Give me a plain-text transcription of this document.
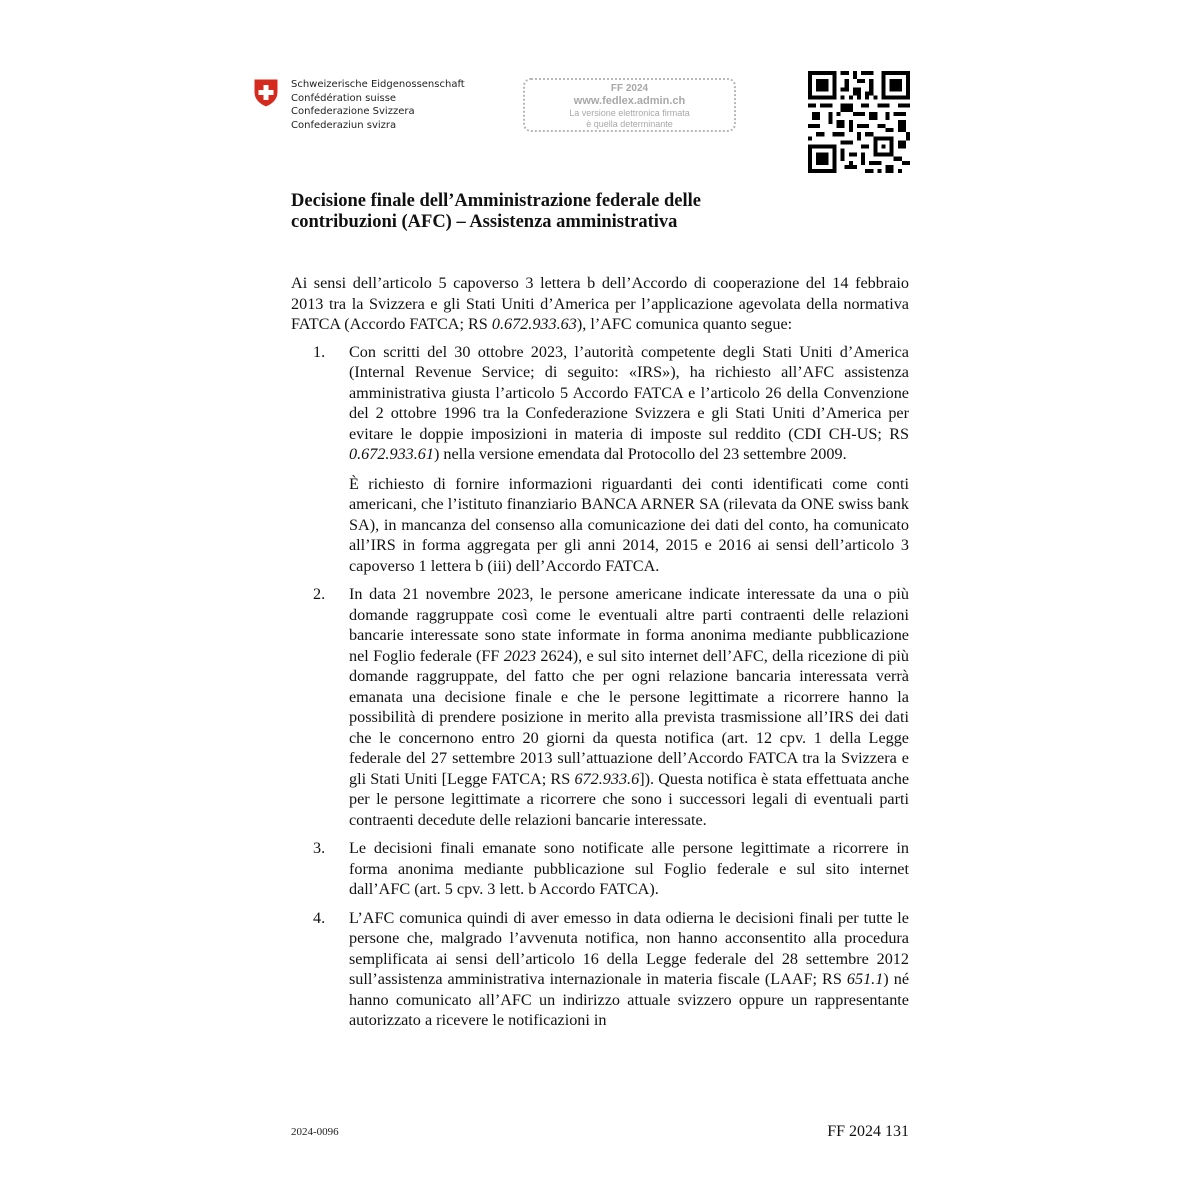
Schweizerische Eidgenossenschaft
Confédération suisse
Confederazione Svizzera
Confederaziun svizra
FF 2024
www.fedlex.admin.ch
La versione elettronica firmata
è quella determinante
Decisione finale dell’Amministrazione federale delle
contribuzioni (AFC) – Assistenza amministrativa

Ai sensi dell’articolo 5 capoverso 3 lettera b dell’Accordo di cooperazione del 14 febbraio 2013 tra la Svizzera e gli Stati Uniti d’America per l’applicazione agevolata della normativa FATCA (Accordo FATCA; RS 0.672.933.63), l’AFC comunica quanto segue:

1. Con scritti del 30 ottobre 2023, l’autorità competente degli Stati Uniti d’America (Internal Revenue Service; di seguito: «IRS»), ha richiesto all’AFC assistenza amministrativa giusta l’articolo 5 Accordo FATCA e l’articolo 26 della Convenzione del 2 ottobre 1996 tra la Confederazione Svizzera e gli Stati Uniti d’America per evitare le doppie imposizioni in materia di imposte sul reddito (CDI CH-US; RS 0.672.933.61) nella versione emendata dal Protocollo del 23 settembre 2009.

È richiesto di fornire informazioni riguardanti dei conti identificati come conti americani, che l’istituto finanziario BANCA ARNER SA (rilevata da ONE swiss bank SA), in mancanza del consenso alla comunicazione dei dati del conto, ha comunicato all’IRS in forma aggregata per gli anni 2014, 2015 e 2016 ai sensi dell’articolo 3 capoverso 1 lettera b (iii) dell’Accordo FATCA.

2. In data 21 novembre 2023, le persone americane indicate interessate da una o più domande raggruppate così come le eventuali altre parti contraenti delle relazioni bancarie interessate sono state informate in forma anonima mediante pubblicazione nel Foglio federale (FF 2023 2624), e sul sito internet dell’AFC, della ricezione di più domande raggruppate, del fatto che per ogni relazione bancaria interessata verrà emanata una decisione finale e che le persone legittimate a ricorrere hanno la possibilità di prendere posizione in merito alla prevista trasmissione all’IRS dei dati che le concernono entro 20 giorni da questa notifica (art. 12 cpv. 1 della Legge federale del 27 settembre 2013 sull’attuazione dell’Accordo FATCA tra la Svizzera e gli Stati Uniti [Legge FATCA; RS 672.933.6]). Questa notifica è stata effettuata anche per le persone legittimate a ricorrere che sono i successori legali di eventuali parti contraenti decedute delle relazioni bancarie interessate.

3. Le decisioni finali emanate sono notificate alle persone legittimate a ricorrere in forma anonima mediante pubblicazione sul Foglio federale e sul sito internet dall’AFC (art. 5 cpv. 3 lett. b Accordo FATCA).

4. L’AFC comunica quindi di aver emesso in data odierna le decisioni finali per tutte le persone che, malgrado l’avvenuta notifica, non hanno acconsentito alla procedura semplificata ai sensi dell’articolo 16 della Legge federale del 28 settembre 2012 sull’assistenza amministrativa internazionale in materia fiscale (LAAF; RS 651.1) né hanno comunicato all’AFC un indirizzo attuale svizzero oppure un rappresentante autorizzato a ricevere le notificazioni in

2024-0096	FF 2024 131
